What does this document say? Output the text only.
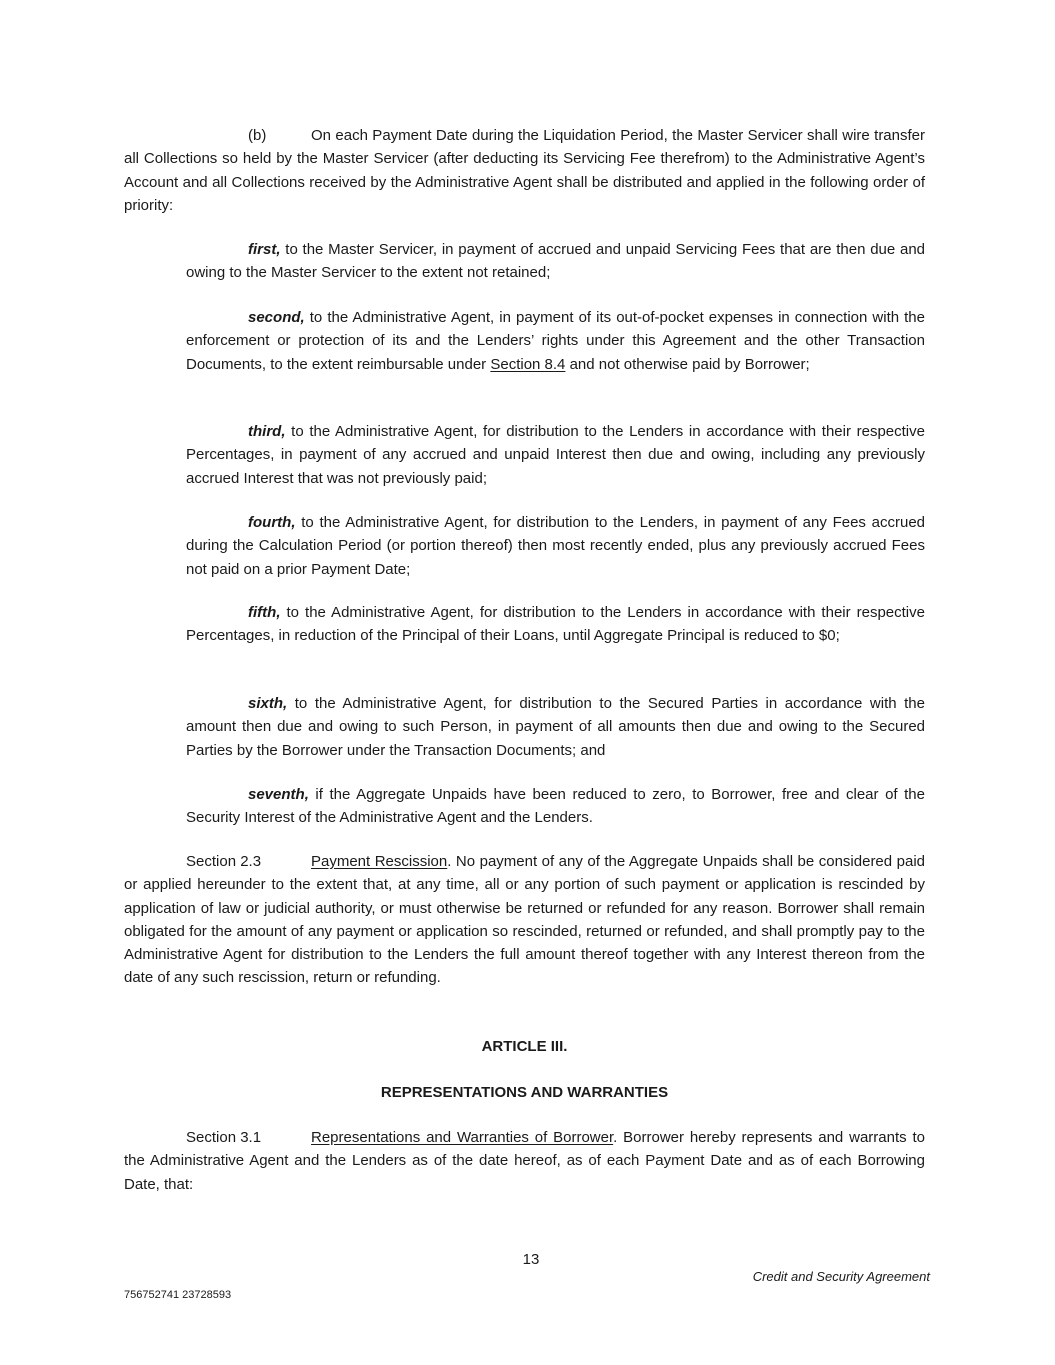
(b)	On each Payment Date during the Liquidation Period, the Master Servicer shall wire transfer all Collections so held by the Master Servicer (after deducting its Servicing Fee therefrom) to the Administrative Agent’s Account and all Collections received by the Administrative Agent shall be distributed and applied in the following order of priority:

first, to the Master Servicer, in payment of accrued and unpaid Servicing Fees that are then due and owing to the Master Servicer to the extent not retained;

second, to the Administrative Agent, in payment of its out-of-pocket expenses in connection with the enforcement or protection of its and the Lenders’ rights under this Agreement and the other Transaction Documents, to the extent reimbursable under Section 8.4 and not otherwise paid by Borrower;

third, to the Administrative Agent, for distribution to the Lenders in accordance with their respective Percentages, in payment of any accrued and unpaid Interest then due and owing, including any previously accrued Interest that was not previously paid;

fourth, to the Administrative Agent, for distribution to the Lenders, in payment of any Fees accrued during the Calculation Period (or portion thereof) then most recently ended, plus any previously accrued Fees not paid on a prior Payment Date;

fifth, to the Administrative Agent, for distribution to the Lenders in accordance with their respective Percentages, in reduction of the Principal of their Loans, until Aggregate Principal is reduced to $0;

sixth, to the Administrative Agent, for distribution to the Secured Parties in accordance with the amount then due and owing to such Person, in payment of all amounts then due and owing to the Secured Parties by the Borrower under the Transaction Documents; and

seventh, if the Aggregate Unpaids have been reduced to zero, to Borrower, free and clear of the Security Interest of the Administrative Agent and the Lenders.

Section 2.3	Payment Rescission. No payment of any of the Aggregate Unpaids shall be considered paid or applied hereunder to the extent that, at any time, all or any portion of such payment or application is rescinded by application of law or judicial authority, or must otherwise be returned or refunded for any reason. Borrower shall remain obligated for the amount of any payment or application so rescinded, returned or refunded, and shall promptly pay to the Administrative Agent for distribution to the Lenders the full amount thereof together with any Interest thereon from the date of any such rescission, return or refunding.

ARTICLE III.

REPRESENTATIONS AND WARRANTIES

Section 3.1	Representations and Warranties of Borrower. Borrower hereby represents and warrants to the Administrative Agent and the Lenders as of the date hereof, as of each Payment Date and as of each Borrowing Date, that:

13
Credit and Security Agreement
756752741 23728593
